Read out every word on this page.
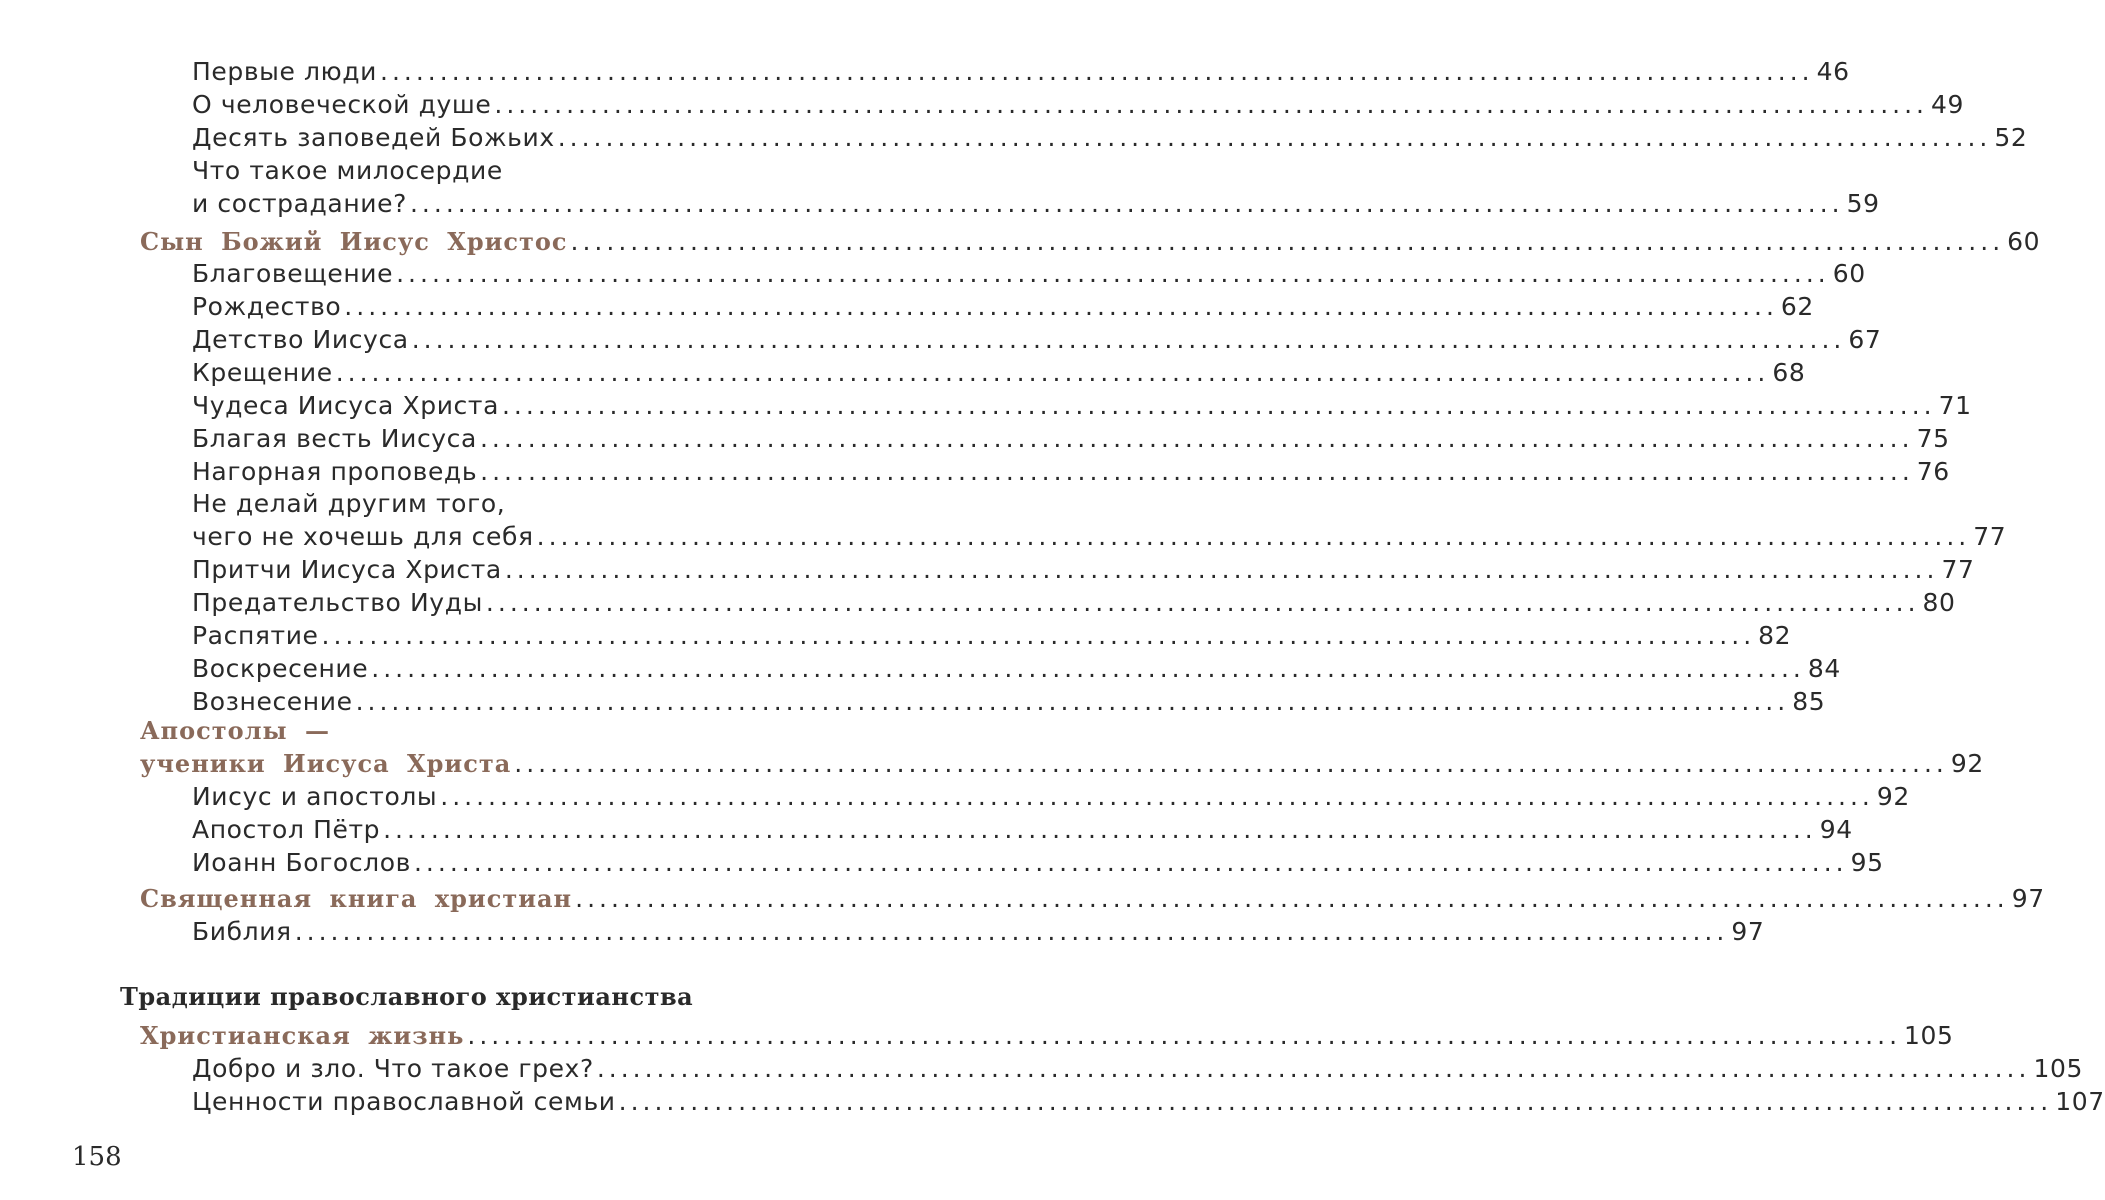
Первые люди ........................................................................................................................ 46
О человеческой душе ........................................................................................................................ 49
Десять заповедей Божьих ........................................................................................................................ 52
Что такое милосердие
и сострадание? ........................................................................................................................ 59
Сын Божий Иисус Христос ........................................................................................................................ 60
Благовещение ........................................................................................................................ 60
Рождество ........................................................................................................................ 62
Детство Иисуса ........................................................................................................................ 67
Крещение ........................................................................................................................ 68
Чудеса Иисуса Христа ........................................................................................................................ 71
Благая весть Иисуса ........................................................................................................................ 75
Нагорная проповедь ........................................................................................................................ 76
Не делай другим того,
чего не хочешь для себя ........................................................................................................................ 77
Притчи Иисуса Христа ........................................................................................................................ 77
Предательство Иуды ........................................................................................................................ 80
Распятие ........................................................................................................................ 82
Воскресение ........................................................................................................................ 84
Вознесение ........................................................................................................................ 85
Апостолы —
ученики Иисуса Христа ........................................................................................................................ 92
Иисус и апостолы ........................................................................................................................ 92
Апостол Пётр ........................................................................................................................ 94
Иоанн Богослов ........................................................................................................................ 95
Священная книга христиан ........................................................................................................................ 97
Библия ........................................................................................................................ 97
Христианская жизнь ........................................................................................................................ 105
Добро и зло. Что такое грех? ........................................................................................................................ 105
Ценности православной семьи ........................................................................................................................ 107
Традиции православного христианства
158
